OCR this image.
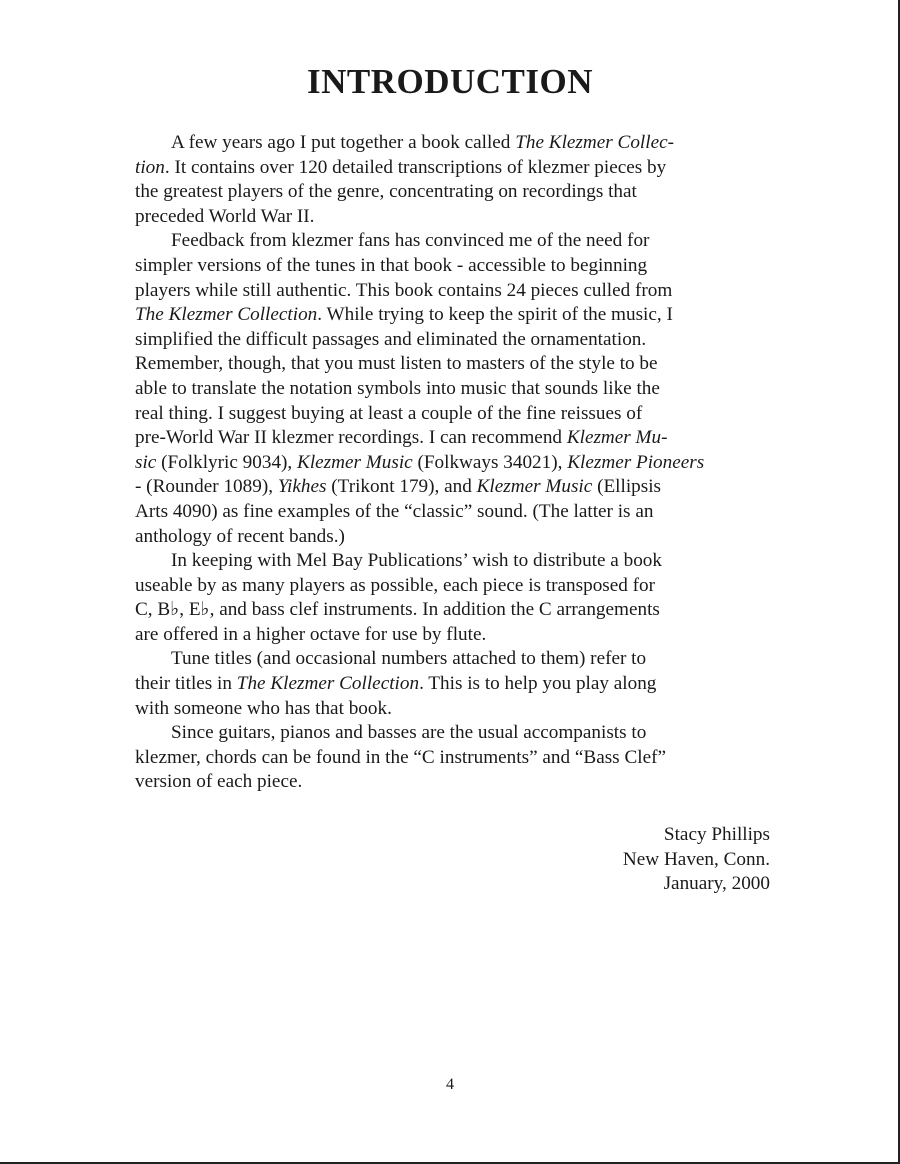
INTRODUCTION
A few years ago I put together a book called The Klezmer Collec-
tion. It contains over 120 detailed transcriptions of klezmer pieces by
the greatest players of the genre, concentrating on recordings that
preceded World War II.
Feedback from klezmer fans has convinced me of the need for
simpler versions of the tunes in that book - accessible to beginning
players while still authentic. This book contains 24 pieces culled from
The Klezmer Collection. While trying to keep the spirit of the music, I
simplified the difficult passages and eliminated the ornamentation.
Remember, though, that you must listen to masters of the style to be
able to translate the notation symbols into music that sounds like the
real thing. I suggest buying at least a couple of the fine reissues of
pre-World War II klezmer recordings. I can recommend Klezmer Mu-
sic (Folklyric 9034), Klezmer Music (Folkways 34021), Klezmer Pioneers
- (Rounder 1089), Yikhes (Trikont 179), and Klezmer Music (Ellipsis
Arts 4090) as fine examples of the “classic” sound. (The latter is an
anthology of recent bands.)
In keeping with Mel Bay Publications’ wish to distribute a book
useable by as many players as possible, each piece is transposed for
C, B♭, E♭, and bass clef instruments. In addition the C arrangements
are offered in a higher octave for use by flute.
Tune titles (and occasional numbers attached to them) refer to
their titles in The Klezmer Collection. This is to help you play along
with someone who has that book.
Since guitars, pianos and basses are the usual accompanists to
klezmer, chords can be found in the “C instruments” and “Bass Clef”
version of each piece.
Stacy Phillips
New Haven, Conn.
January, 2000
4
